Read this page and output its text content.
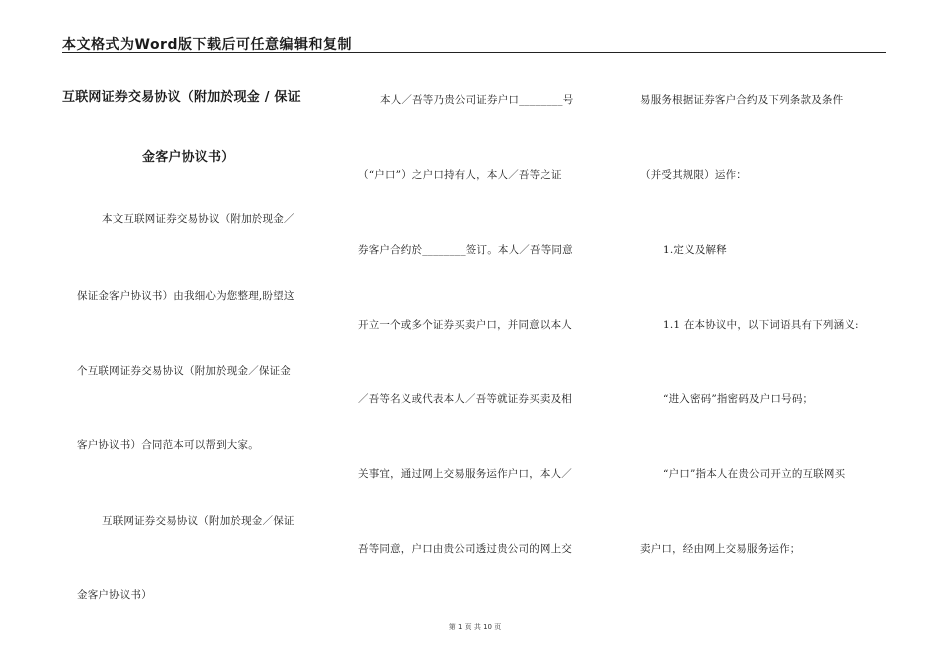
本文格式为Word版下载后可任意编辑和复制
互联网证券交易协议（附加於现金 / 保证
金客户协议书）
本文互联网证券交易协议（附加於现金／
保证金客户协议书）由我细心为您整理,盼望这
个互联网证券交易协议（附加於现金／保证金
客户协议书）合同范本可以帮到大家。
互联网证券交易协议（附加於现金／保证
金客户协议书）
本人／吾等乃贵公司证券户口________号
（“户口”）之户口持有人，本人／吾等之证
券客户合约於________签订。本人／吾等同意
开立一个或多个证券买卖户口，并同意以本人
／吾等名义或代表本人／吾等就证券买卖及相
关事宜，通过网上交易服务运作户口，本人／
吾等同意，户口由贵公司透过贵公司的网上交
易服务根据证券客户合约及下列条款及条件
（并受其规限）运作：
1.定义及解释
1.1 在本协议中，以下词语具有下列涵义:
“进入密码”指密码及户口号码；
“户口”指本人在贵公司开立的互联网买
卖户口，经由网上交易服务运作；
第 1 页 共 10 页
